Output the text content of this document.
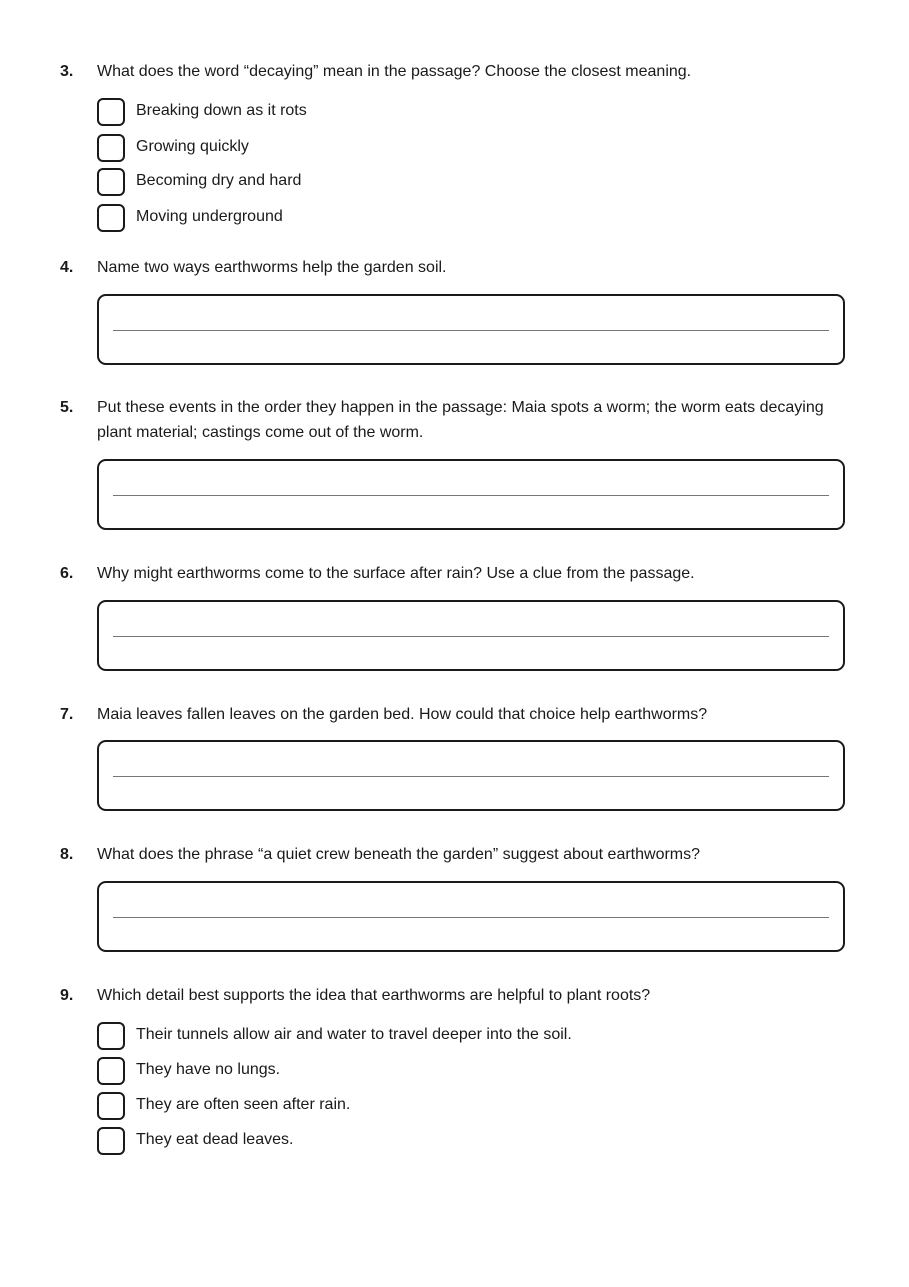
3. What does the word “decaying” mean in the passage? Choose the closest meaning.

Breaking down as it rots
Growing quickly
Becoming dry and hard
Moving underground
4. Name two ways earthworms help the garden soil.

5. Put these events in the order they happen in the passage: Maia spots a worm; the worm eats decaying plant material; castings come out of the worm.

6. Why might earthworms come to the surface after rain? Use a clue from the passage.

7. Maia leaves fallen leaves on the garden bed. How could that choice help earthworms?

8. What does the phrase “a quiet crew beneath the garden” suggest about earthworms?

9. Which detail best supports the idea that earthworms are helpful to plant roots?

Their tunnels allow air and water to travel deeper into the soil.
They have no lungs.
They are often seen after rain.
They eat dead leaves.
